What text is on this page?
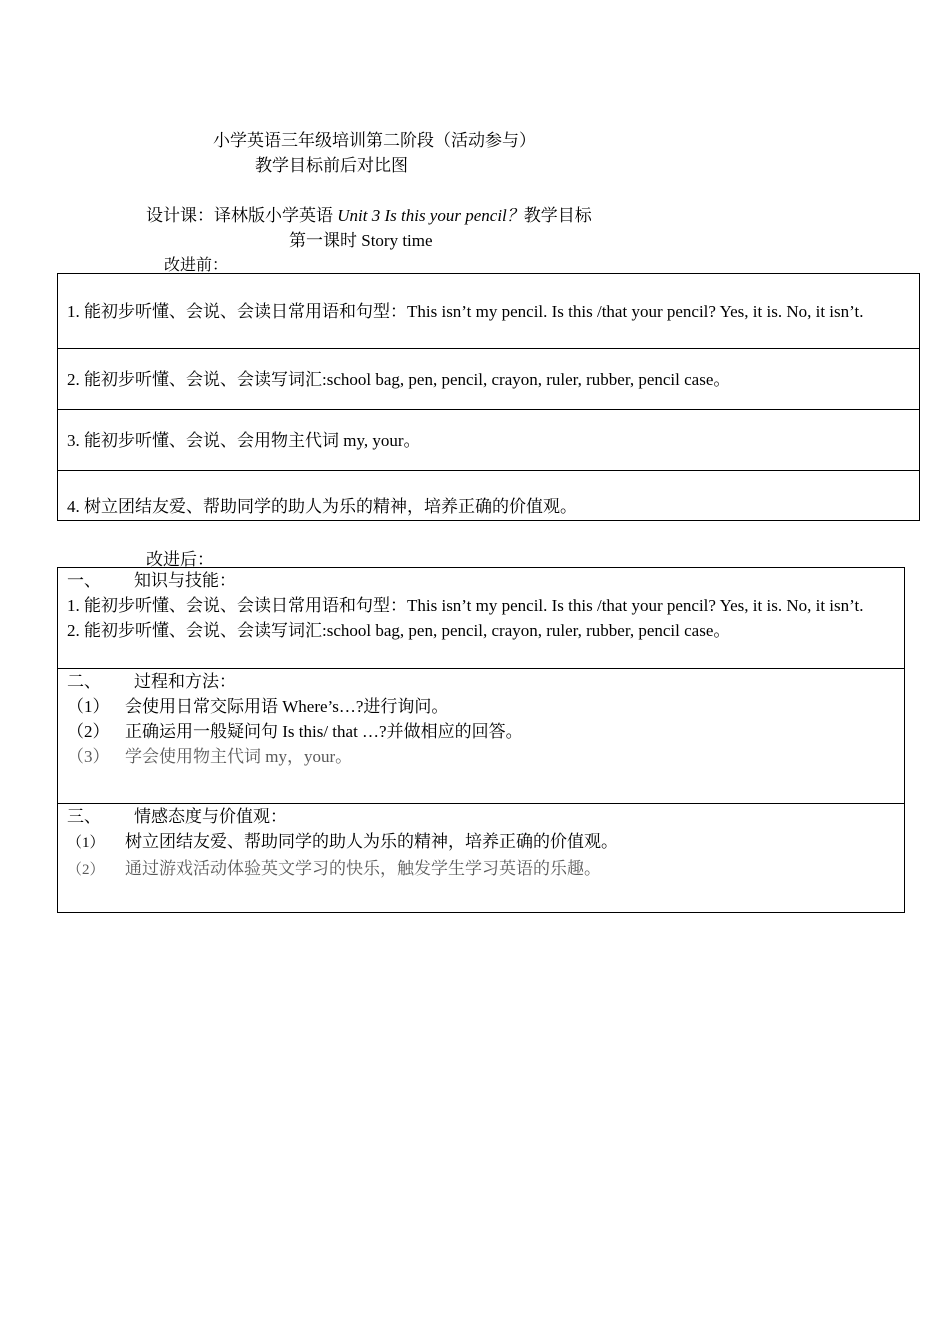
小学英语三年级培训第二阶段（活动参与）
教学目标前后对比图
设计课：译林版小学英语 Unit 3 Is this your pencil？教学目标
第一课时 Story time
改进前：
1. 能初步听懂、会说、会读日常用语和句型：This isn’t my pencil. Is this /that your pencil? Yes, it is. No, it isn’t.
2. 能初步听懂、会说、会读写词汇:school bag, pen, pencil, crayon, ruler, rubber, pencil case。
3. 能初步听懂、会说、会用物主代词 my, your。
4. 树立团结友爱、帮助同学的助人为乐的精神，培养正确的价值观。
改进后：
一、 知识与技能：
1. 能初步听懂、会说、会读日常用语和句型：This isn’t my pencil. Is this /that your pencil? Yes, it is. No, it isn’t.
2. 能初步听懂、会说、会读写词汇:school bag, pen, pencil, crayon, ruler, rubber, pencil case。

二、 过程和方法：
（1） 会使用日常交际用语 Where’s…?进行询问。
（2） 正确运用一般疑问句 Is this/ that …?并做相应的回答。
（3） 学会使用物主代词 my，your。

三、 情感态度与价值观：
（1） 树立团结友爱、帮助同学的助人为乐的精神，培养正确的价值观。
（2） 通过游戏活动体验英文学习的快乐，触发学生学习英语的乐趣。
